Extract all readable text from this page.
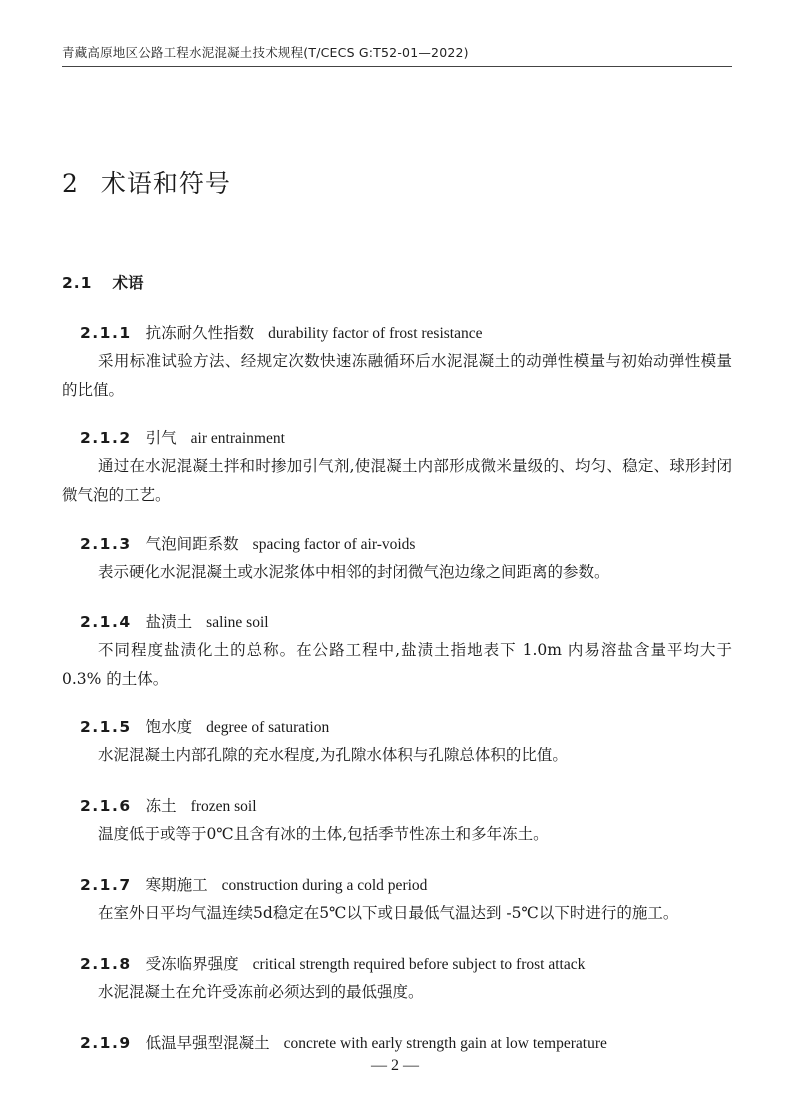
青藏高原地区公路工程水泥混凝土技术规程(T/CECS G:T52-01—2022)
2 术语和符号
2.1 术语
2.1.1 抗冻耐久性指数 durability factor of frost resistance
采用标准试验方法、经规定次数快速冻融循环后水泥混凝土的动弹性模量与初始动弹性模量的比值。
2.1.2 引气 air entrainment
通过在水泥混凝土拌和时掺加引气剂,使混凝土内部形成微米量级的、均匀、稳定、球形封闭微气泡的工艺。
2.1.3 气泡间距系数 spacing factor of air-voids
表示硬化水泥混凝土或水泥浆体中相邻的封闭微气泡边缘之间距离的参数。
2.1.4 盐渍土 saline soil
不同程度盐渍化土的总称。在公路工程中,盐渍土指地表下 1.0m 内易溶盐含量平均大于 0.3% 的土体。
2.1.5 饱水度 degree of saturation
水泥混凝土内部孔隙的充水程度,为孔隙水体积与孔隙总体积的比值。
2.1.6 冻土 frozen soil
温度低于或等于0℃且含有冰的土体,包括季节性冻土和多年冻土。
2.1.7 寒期施工 construction during a cold period
在室外日平均气温连续5d稳定在5℃以下或日最低气温达到 -5℃以下时进行的施工。
2.1.8 受冻临界强度 critical strength required before subject to frost attack
水泥混凝土在允许受冻前必须达到的最低强度。
2.1.9 低温早强型混凝土 concrete with early strength gain at low temperature
— 2 —
